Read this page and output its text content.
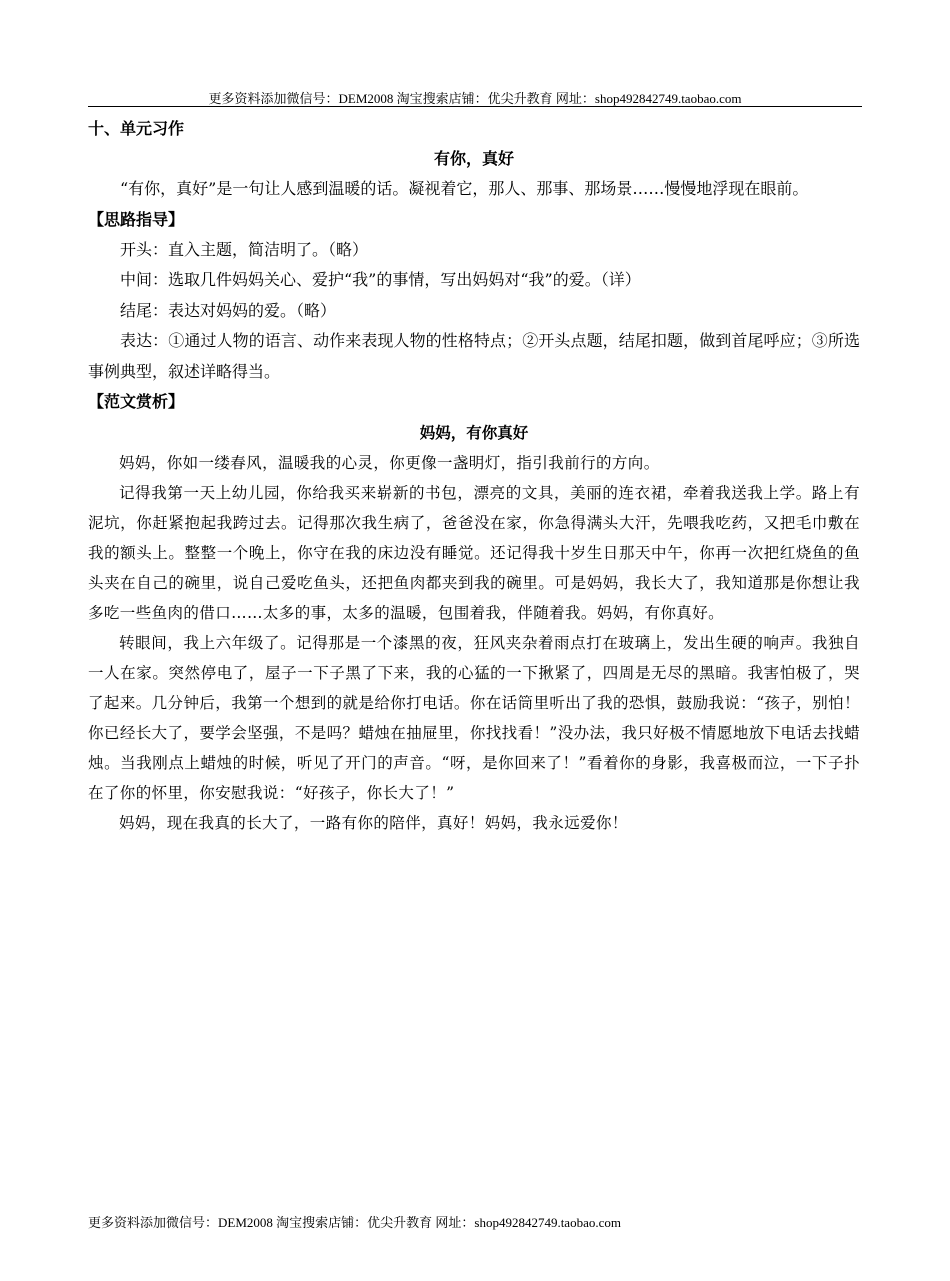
更多资料添加微信号：DEM2008 淘宝搜索店铺：优尖升教育 网址：shop492842749.taobao.com
十、单元习作
有你，真好

“有你，真好”是一句让人感到温暖的话。凝视着它，那人、那事、那场景……慢慢地浮现在眼前。

【思路指导】

开头：直入主题，简洁明了。（略）

中间：选取几件妈妈关心、爱护“我”的事情，写出妈妈对“我”的爱。（详）

结尾：表达对妈妈的爱。（略）

表达：①通过人物的语言、动作来表现人物的性格特点；②开头点题，结尾扣题，做到首尾呼应；③所选事例典型，叙述详略得当。

【范文赏析】
妈妈，有你真好

妈妈，你如一缕春风，温暖我的心灵，你更像一盏明灯，指引我前行的方向。

记得我第一天上幼儿园，你给我买来崭新的书包，漂亮的文具，美丽的连衣裙，牵着我送我上学。路上有泥坑，你赶紧抱起我跨过去。记得那次我生病了，爸爸没在家，你急得满头大汗，先喂我吃药，又把毛巾敷在我的额头上。整整一个晚上，你守在我的床边没有睡觉。还记得我十岁生日那天中午，你再一次把红烧鱼的鱼头夹在自己的碗里，说自己爱吃鱼头，还把鱼肉都夹到我的碗里。可是妈妈，我长大了，我知道那是你想让我多吃一些鱼肉的借口……太多的事，太多的温暖，包围着我，伴随着我。妈妈，有你真好。

转眼间，我上六年级了。记得那是一个漆黑的夜，狂风夹杂着雨点打在玻璃上，发出生硬的响声。我独自一人在家。突然停电了，屋子一下子黑了下来，我的心猛的一下揪紧了，四周是无尽的黑暗。我害怕极了，哭了起来。几分钟后，我第一个想到的就是给你打电话。你在话筒里听出了我的恐惧，鼓励我说：“孩子，别怕！你已经长大了，要学会坚强，不是吗？蜡烛在抽屉里，你找找看！”没办法，我只好极不情愿地放下电话去找蜡烛。当我刚点上蜡烛的时候，听见了开门的声音。“呀，是你回来了！”看着你的身影，我喜极而泣，一下子扑在了你的怀里，你安慰我说：“好孩子，你长大了！”

妈妈，现在我真的长大了，一路有你的陪伴，真好！妈妈，我永远爱你！

更多资料添加微信号：DEM2008 淘宝搜索店铺：优尖升教育 网址：shop492842749.taobao.com
